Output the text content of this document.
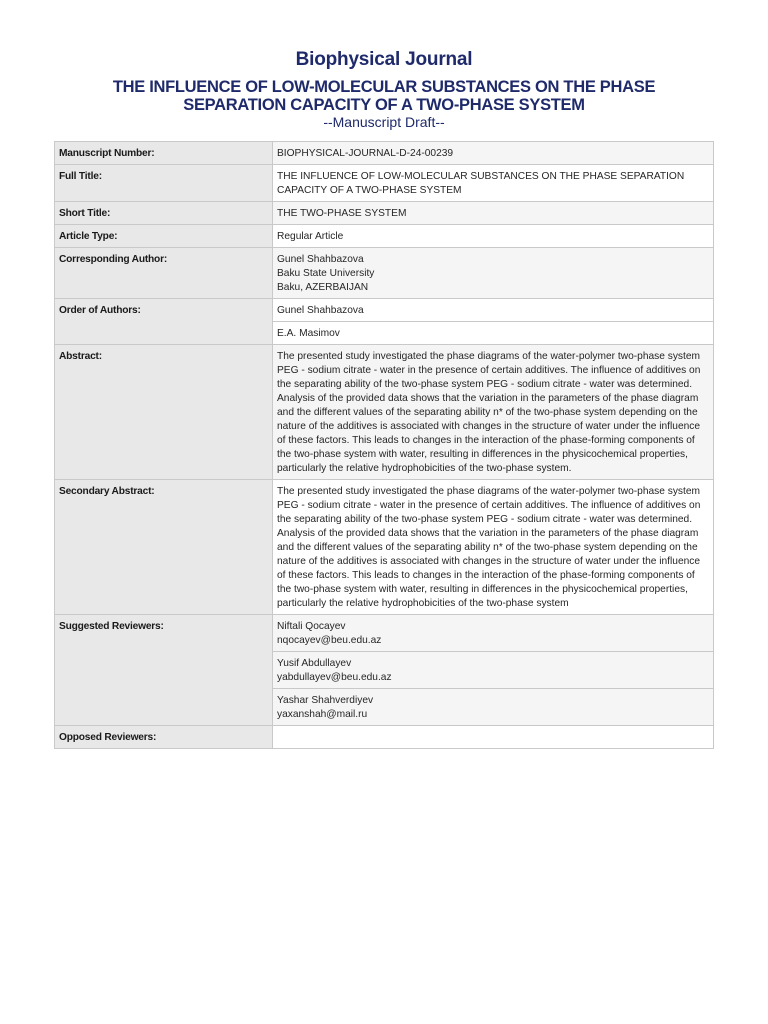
Biophysical Journal
THE INFLUENCE OF LOW-MOLECULAR SUBSTANCES ON THE PHASE SEPARATION CAPACITY OF A TWO-PHASE SYSTEM
--Manuscript Draft--
Manuscript Number:	BIOPHYSICAL-JOURNAL-D-24-00239
Full Title:	THE INFLUENCE OF LOW-MOLECULAR SUBSTANCES ON THE PHASE SEPARATION CAPACITY OF A TWO-PHASE SYSTEM
Short Title:	THE TWO-PHASE SYSTEM
Article Type:	Regular Article
Corresponding Author:	Gunel Shahbazova
Baku State University
Baku, AZERBAIJAN

Order of Authors:	Gunel Shahbazova
	E.A. Masimov
Abstract:	The presented study investigated the phase diagrams of the water-polymer two-phase system PEG - sodium citrate - water in the presence of certain additives. The influence of additives on the separating ability of the two-phase system PEG - sodium citrate - water was determined. Analysis of the provided data shows that the variation in the parameters of the phase diagram and the different values of the separating ability n* of the two-phase system depending on the nature of the additives is associated with changes in the structure of water under the influence of these factors. This leads to changes in the interaction of the phase-forming components of the two-phase system with water, resulting in differences in the physicochemical properties, particularly the relative hydrophobicities of the two-phase system.
Secondary Abstract:	The presented study investigated the phase diagrams of the water-polymer two-phase system PEG - sodium citrate - water in the presence of certain additives. The influence of additives on the separating ability of the two-phase system PEG - sodium citrate - water was determined. Analysis of the provided data shows that the variation in the parameters of the phase diagram and the different values of the separating ability n* of the two-phase system depending on the nature of the additives is associated with changes in the structure of water under the influence of these factors. This leads to changes in the interaction of the phase-forming components of the two-phase system with water, resulting in differences in the physicochemical properties, particularly the relative hydrophobicities of the two-phase system
Suggested Reviewers:	Niftali Qocayev
nqocayev@beu.edu.az

	Yusif Abdullayev
yabdullayev@beu.edu.az

	Yashar Shahverdiyev
yaxanshah@mail.ru

Opposed Reviewers:	
